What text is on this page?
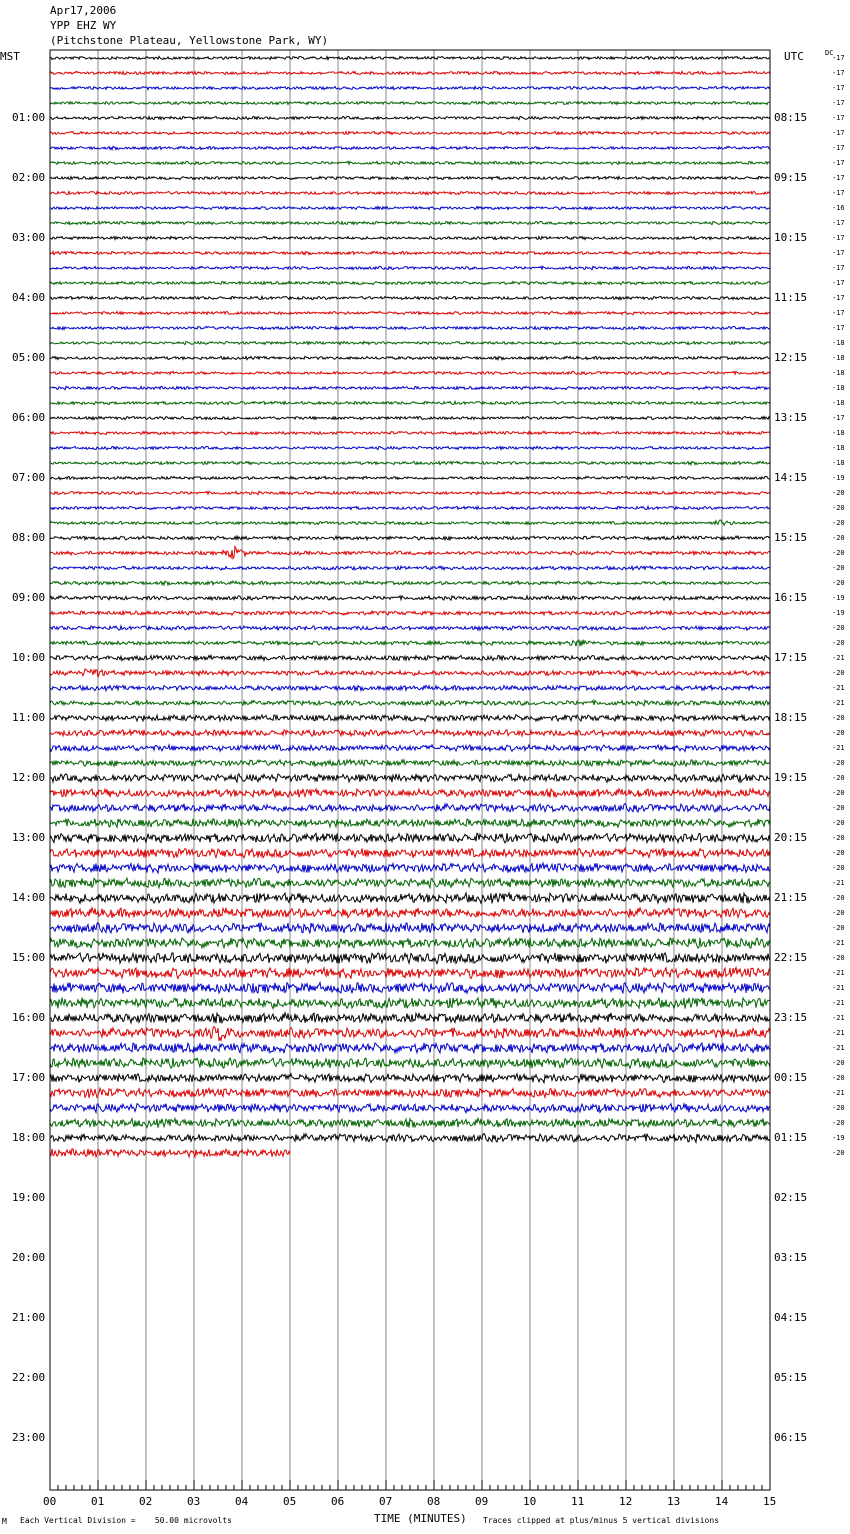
Apr17,2006
YPP EHZ WY
(Pitchstone Plateau, Yellowstone Park, WY)
MST	UTC	DC
01:00
02:00
03:00
04:00
05:00
06:00
07:00
08:00
09:00
10:00
11:00
12:00
13:00
14:00
15:00
16:00
17:00
18:00
19:00
20:00
21:00
22:00
23:00
08:15
09:15
10:15
11:15
12:15
13:15
14:15
15:15
16:15
17:15
18:15
19:15
20:15
21:15
22:15
23:15
00:15
01:15
02:15
03:15
04:15
05:15
06:15
-17
-17
-17
-17
-17
-17
-17
-17
-17
-17
-16
-17
-17
-17
-17
-17
-17
-17
-17
-18
-18
-18
-18
-18
-17
-18
-18
-18
-19
-20
-20
-20
-20
-20
-20
-20
-19
-19
-20
-20
-21
-20
-21
-21
-20
-20
-21
-20
-20
-20
-20
-20
-20
-20
-20
-21
-20
-20
-20
-21
-20
-21
-21
-21
-21
-21
-21
-20
-20
-21
-20
-20
-19
-20
00	01	02	03	04	05	06	07	08	09	10	11	12	13	14	15
TIME (MINUTES)
M Each Vertical Division =    50.00 microvolts	Traces clipped at plus/minus 5 vertical divisions
